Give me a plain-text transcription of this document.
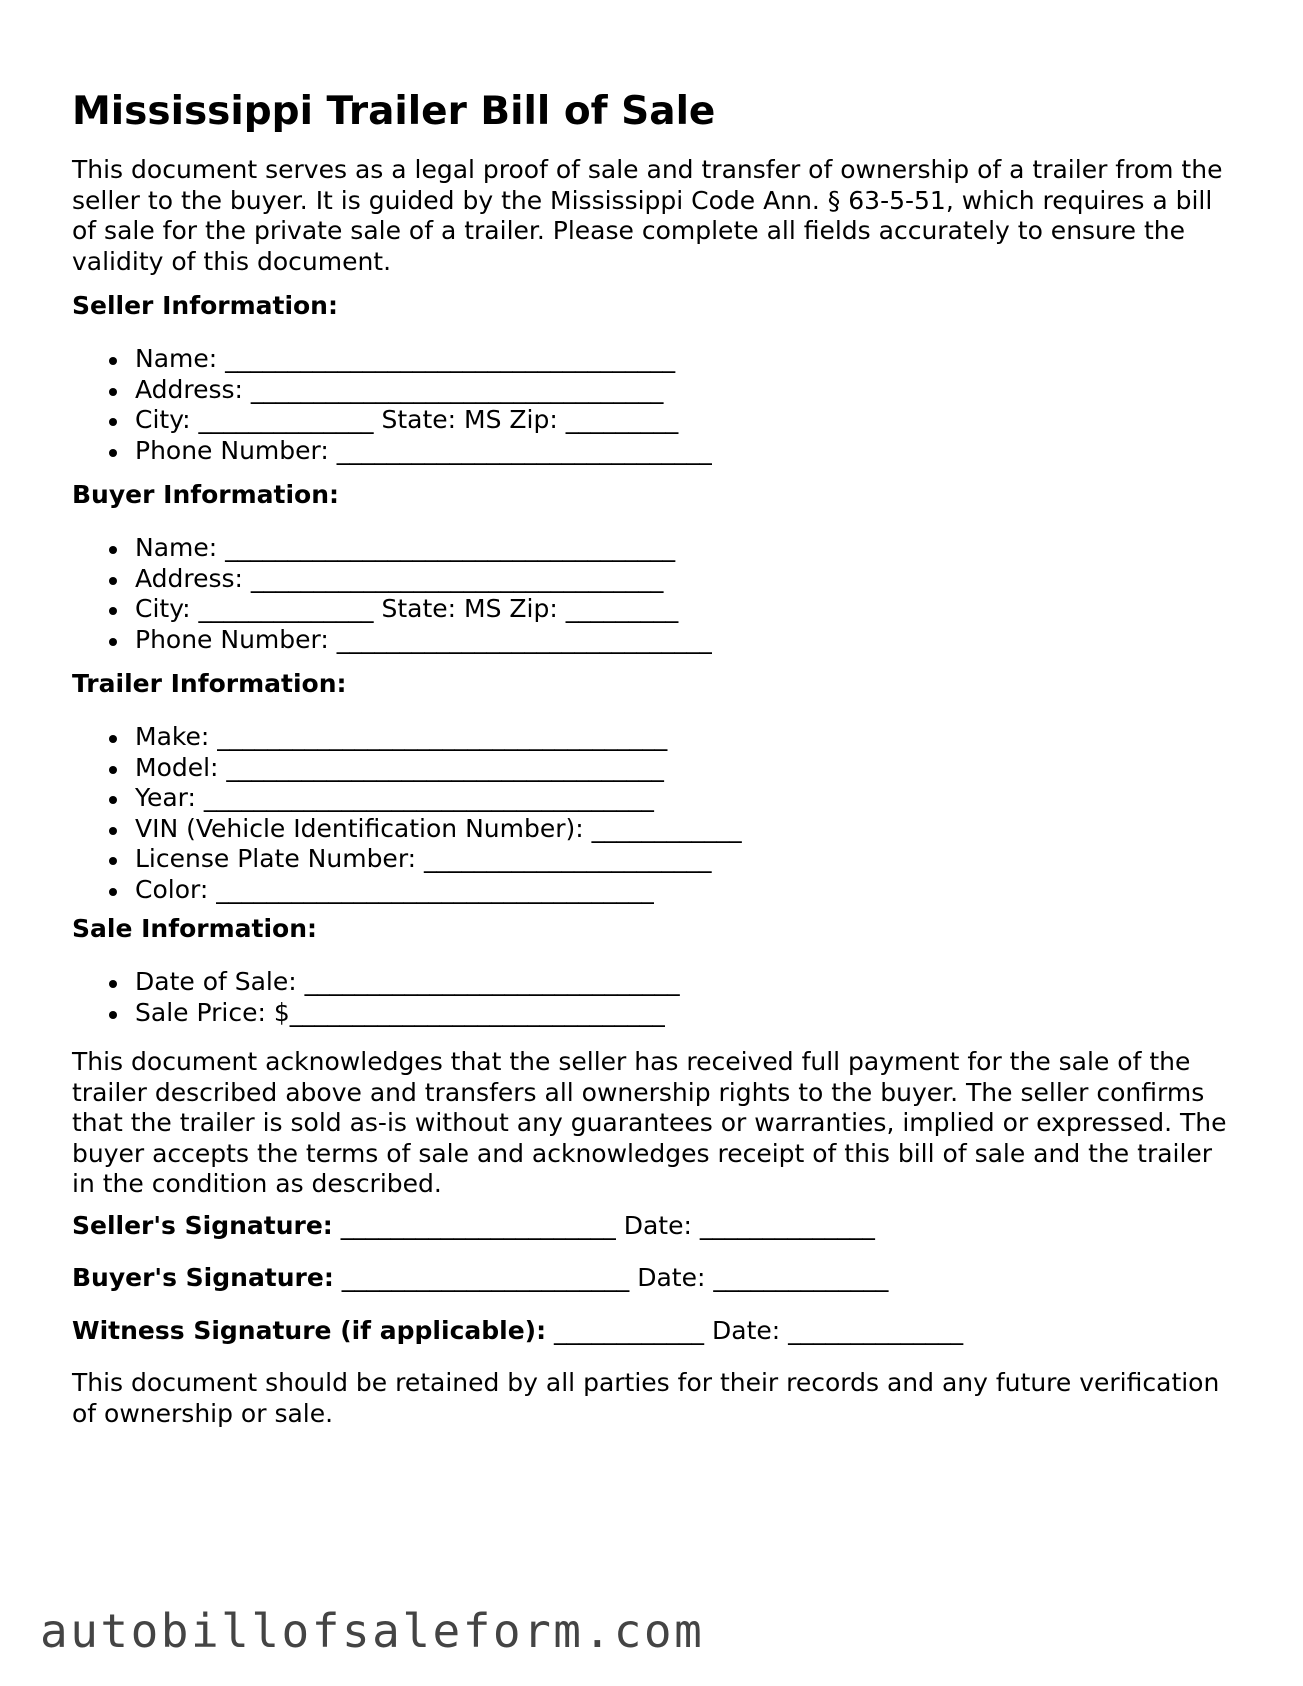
Mississippi Trailer Bill of Sale

This document serves as a legal proof of sale and transfer of ownership of a trailer from the seller to the buyer. It is guided by the Mississippi Code Ann. § 63-5-51, which requires a bill of sale for the private sale of a trailer. Please complete all fields accurately to ensure the validity of this document.

Seller Information:

Name: ____________________________________
Address: _________________________________
City: ______________ State: MS Zip: _________
Phone Number: ______________________________

Buyer Information:

Name: ____________________________________
Address: _________________________________
City: ______________ State: MS Zip: _________
Phone Number: ______________________________

Trailer Information:

Make: ____________________________________
Model: ___________________________________
Year: ____________________________________
VIN (Vehicle Identification Number): ____________
License Plate Number: _______________________
Color: ___________________________________

Sale Information:

Date of Sale: ______________________________
Sale Price: $______________________________

This document acknowledges that the seller has received full payment for the sale of the trailer described above and transfers all ownership rights to the buyer. The seller confirms that the trailer is sold as-is without any guarantees or warranties, implied or expressed. The buyer accepts the terms of sale and acknowledges receipt of this bill of sale and the trailer in the condition as described.

Seller's Signature: ______________________ Date: ______________

Buyer's Signature: _______________________ Date: ______________

Witness Signature (if applicable): ____________ Date: ______________

This document should be retained by all parties for their records and any future verification of ownership or sale.

autobillofsaleform.com
